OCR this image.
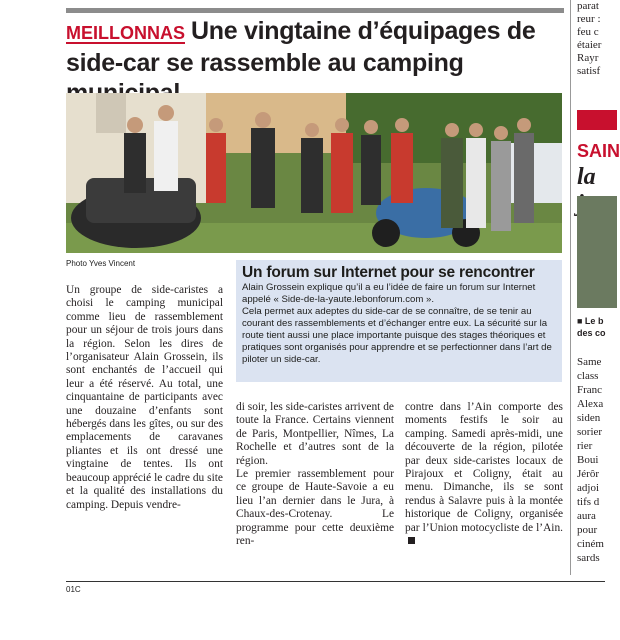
MEILLONNAS Une vingtaine d’équipages de side-car se rassemble au camping
Photo Yves Vincent
Un forum sur Internet pour se rencontrer

Alain Grossein explique qu’il a eu l’idée de faire un forum sur Internet appelé « Side-de-la-yaute.lebonforum.com ».

Cela permet aux adeptes du side-car de se connaître, de se tenir au courant des rassemblements et d’échanger entre eux. La sécurité sur la route tient aussi une place importante puisque des stages théoriques et pratiques sont organisés pour apprendre et se perfectionner dans l’art de piloter un side-car.

Un groupe de side-caristes a choisi le camping municipal comme lieu de rassemblement pour un séjour de trois jours dans la région. Selon les dires de l’organisateur Alain Grossein, ils sont enchantés de l’accueil qui leur a été réservé. Au total, une cinquantaine de participants avec une douzaine d’enfants sont hébergés dans les gîtes, ou sur des emplacements de caravanes pliantes et ils ont dressé une vingtaine de tentes. Ils ont beaucoup apprécié le cadre du site et la qualité des installations du camping. Depuis vendre-

di soir, les side-caristes arrivent de toute la France. Certains viennent de Paris, Montpellier, Nîmes, La Rochelle et d’autres sont de la région.

Le premier rassemblement pour ce groupe de Haute-Savoie a eu lieu l’an dernier dans le Jura, à Chaux-des-Crotenay. Le programme pour cette deuxième ren-

contre dans l’Ain comporte des moments festifs le soir au camping. Samedi après-midi, une découverte de la région, pilotée par deux side-caristes locaux de Pirajoux et Coligny, était au menu. Dimanche, ils se sont rendus à Salavre puis à la montée historique de Coligny, organisée par l’Union motocycliste de l’Ain.

01C
parat
reur :
feu c
étaier
Rayr
satisf
SAIN
la
■ Le b
des co
Same
class
Franc
Alexa
siden
sorier
rier
Boui
Jérôr
adjoi
tifs d
aura
pour
ciném
sards
